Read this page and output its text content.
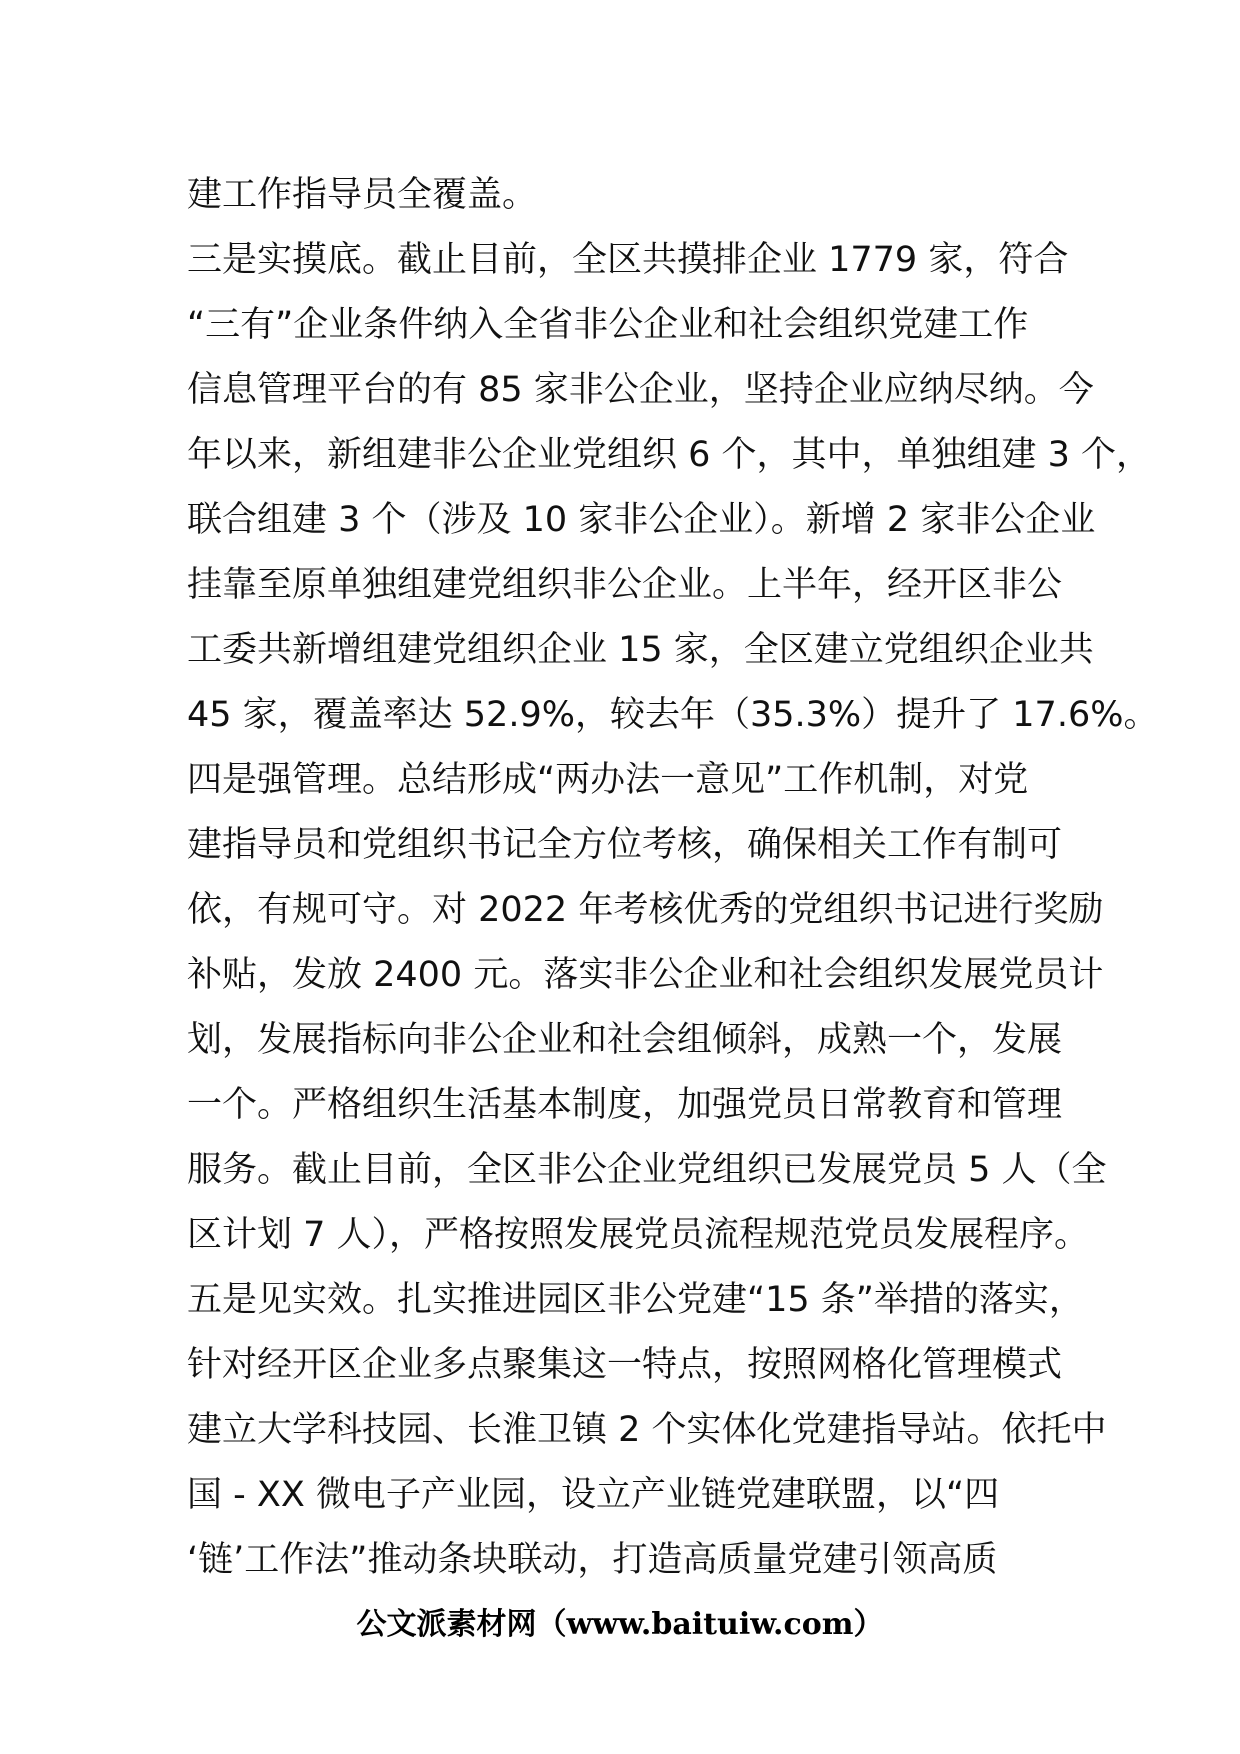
建工作指导员全覆盖。
三是实摸底。截止目前，全区共摸排企业 1779 家，符合
“三有”企业条件纳入全省非公企业和社会组织党建工作
信息管理平台的有 85 家非公企业，坚持企业应纳尽纳。今
年以来，新组建非公企业党组织 6 个，其中，单独组建 3 个，
联合组建 3 个（涉及 10 家非公企业）。新增 2 家非公企业
挂靠至原单独组建党组织非公企业。上半年，经开区非公
工委共新增组建党组织企业 15 家，全区建立党组织企业共
45 家，覆盖率达 52.9%，较去年（35.3%）提升了 17.6%。
四是强管理。总结形成“两办法一意见”工作机制，对党
建指导员和党组织书记全方位考核，确保相关工作有制可
依，有规可守。对 2022 年考核优秀的党组织书记进行奖励
补贴，发放 2400 元。落实非公企业和社会组织发展党员计
划，发展指标向非公企业和社会组倾斜，成熟一个，发展
一个。严格组织生活基本制度，加强党员日常教育和管理
服务。截止目前，全区非公企业党组织已发展党员 5 人（全
区计划 7 人），严格按照发展党员流程规范党员发展程序。
五是见实效。扎实推进园区非公党建“15 条”举措的落实，
针对经开区企业多点聚集这一特点，按照网格化管理模式
建立大学科技园、长淮卫镇 2 个实体化党建指导站。依托中
国 - XX 微电子产业园，设立产业链党建联盟，以“四
‘链’工作法”推动条块联动，打造高质量党建引领高质
公文派素材网（www.baituiw.com）
